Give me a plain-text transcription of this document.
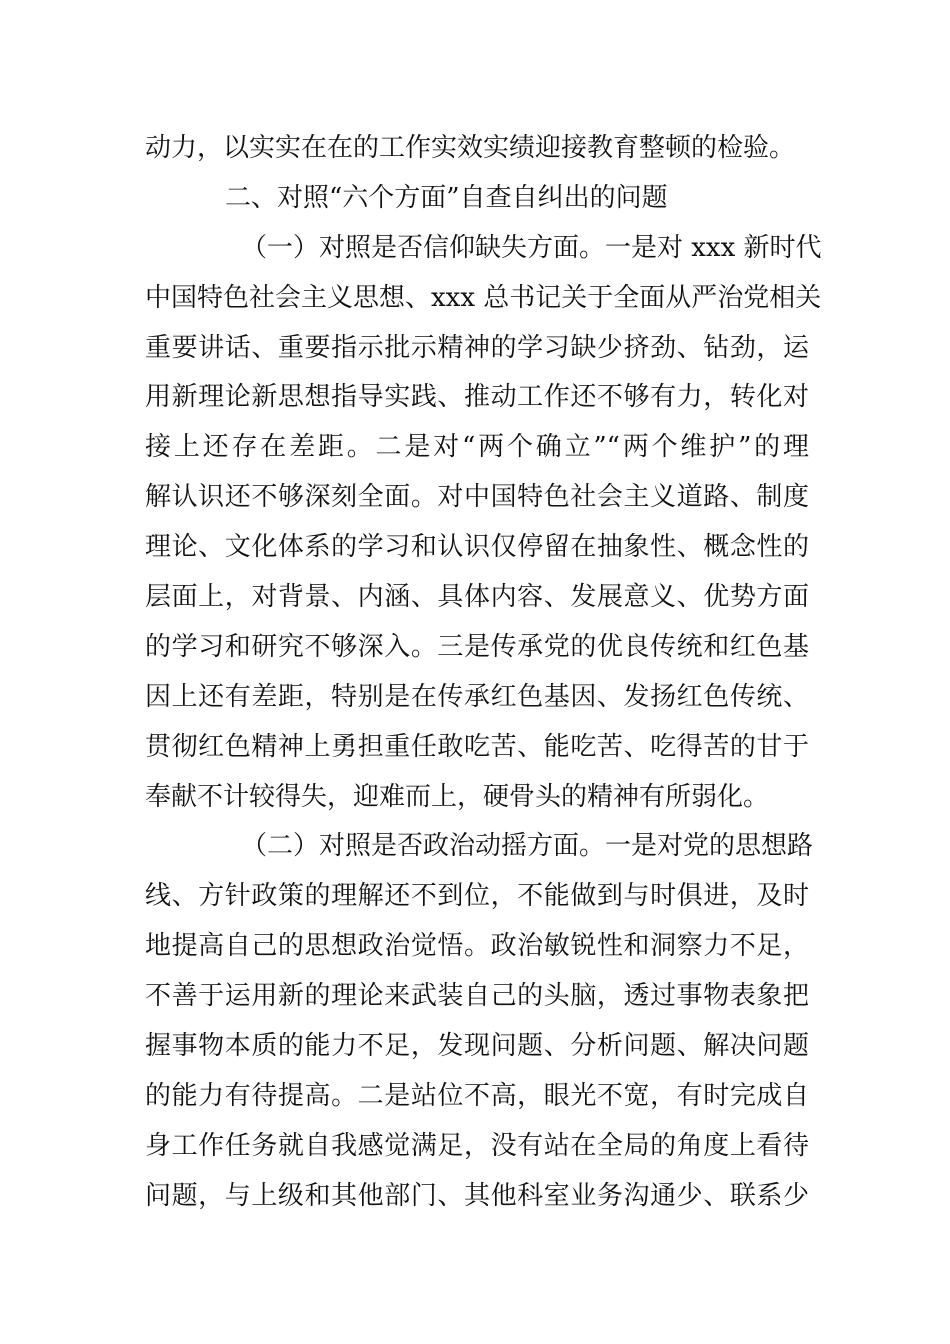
动力，以实实在在的工作实效实绩迎接教育整顿的检验。
二、对照“六个方面”自查自纠出的问题
（一）对照是否信仰缺失方面。一是对 xxx 新时代
中国特色社会主义思想、xxx 总书记关于全面从严治党相关
重要讲话、重要指示批示精神的学习缺少挤劲、钻劲，运
用新理论新思想指导实践、推动工作还不够有力，转化对
接上还存在差距。二是对“两个确立”“两个维护”的理
解认识还不够深刻全面。对中国特色社会主义道路、制度
理论、文化体系的学习和认识仅停留在抽象性、概念性的
层面上，对背景、内涵、具体内容、发展意义、优势方面
的学习和研究不够深入。三是传承党的优良传统和红色基
因上还有差距，特别是在传承红色基因、发扬红色传统、
贯彻红色精神上勇担重任敢吃苦、能吃苦、吃得苦的甘于
奉献不计较得失，迎难而上，硬骨头的精神有所弱化。
（二）对照是否政治动摇方面。一是对党的思想路
线、方针政策的理解还不到位，不能做到与时俱进，及时
地提高自己的思想政治觉悟。政治敏锐性和洞察力不足，
不善于运用新的理论来武装自己的头脑，透过事物表象把
握事物本质的能力不足，发现问题、分析问题、解决问题
的能力有待提高。二是站位不高，眼光不宽，有时完成自
身工作任务就自我感觉满足，没有站在全局的角度上看待
问题，与上级和其他部门、其他科室业务沟通少、联系少
